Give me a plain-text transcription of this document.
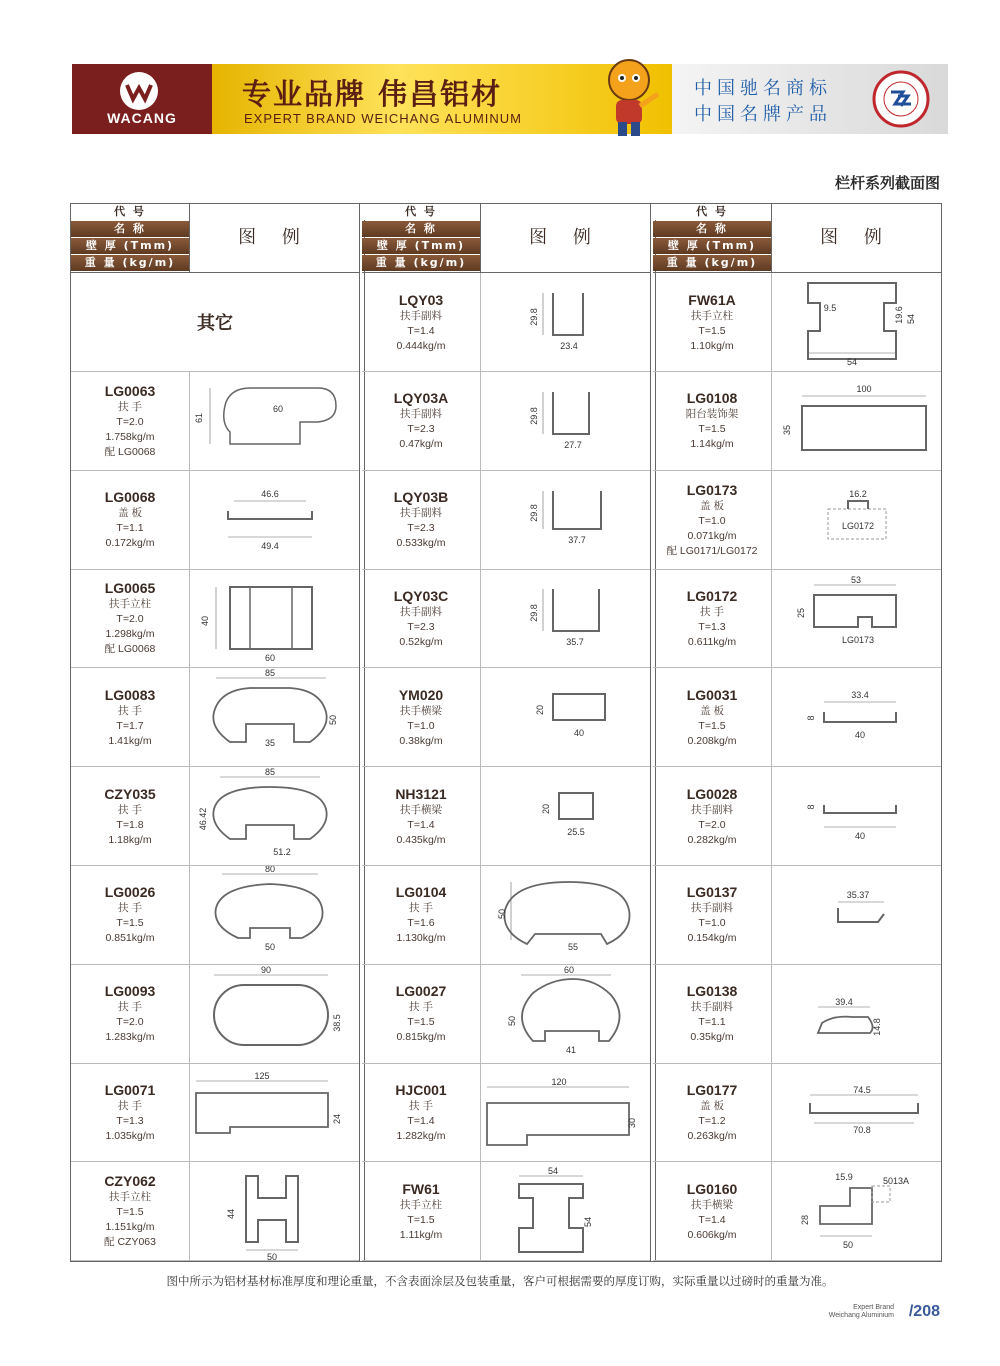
WACANG
专业品牌 伟昌铝材
EXPERT BRAND WEICHANG ALUMINUM
中国驰名商标
中国名牌产品
栏杆系列截面图
代 号
名 称
壁 厚 (Tmm)
重 量 (kg/m)
图 例
其它
LG0063
扶 手
T=2.0
1.758kg/m
配 LG0068
61
60
LG0068
盖 板
T=1.1
0.172kg/m
46.6
49.4
LG0065
扶手立柱
T=2.0
1.298kg/m
配 LG0068
40
60
LG0083
扶 手
T=1.7
1.41kg/m
85
50
35
CZY035
扶 手
T=1.8
1.18kg/m
85
46.42
51.2
LG0026
扶 手
T=1.5
0.851kg/m
80
50
LG0093
扶 手
T=2.0
1.283kg/m
90
38.5
LG0071
扶 手
T=1.3
1.035kg/m
125
24
CZY062
扶手立柱
T=1.5
1.151kg/m
配 CZY063
44
50
代 号
名 称
壁 厚 (Tmm)
重 量 (kg/m)
图 例
LQY03
扶手副料
T=1.4
0.444kg/m
29.8
23.4
LQY03A
扶手副料
T=2.3
0.47kg/m
29.8
27.7
LQY03B
扶手副料
T=2.3
0.533kg/m
29.8
37.7
LQY03C
扶手副料
T=2.3
0.52kg/m
29.8
35.7
YM020
扶手横梁
T=1.0
0.38kg/m
20
40
NH3121
扶手横梁
T=1.4
0.435kg/m
20
25.5
LG0104
扶 手
T=1.6
1.130kg/m
50
55
LG0027
扶 手
T=1.5
0.815kg/m
60
50
41
HJC001
扶 手
T=1.4
1.282kg/m
120
30
FW61
扶手立柱
T=1.5
1.11kg/m
54
54
代 号
名 称
壁 厚 (Tmm)
重 量 (kg/m)
图 例
FW61A
扶手立柱
T=1.5
1.10kg/m
9.5	19.6 54
54
LG0108
阳台装饰架
T=1.5
1.14kg/m
100
35
LG0173
盖 板
T=1.0
0.071kg/m
配 LG0171/LG0172
16.2
LG0172
LG0172
扶 手
T=1.3
0.611kg/m
53
25
LG0173
LG0031
盖 板
T=1.5
0.208kg/m
33.4
8
40
LG0028
扶手副料
T=2.0
0.282kg/m
8
40
LG0137
扶手副料
T=1.0
0.154kg/m
35.37
LG0138
扶手副料
T=1.1
0.35kg/m
39.4
14.8
LG0177
盖 板
T=1.2
0.263kg/m
74.5
70.8
LG0160
扶手横梁
T=1.4
0.606kg/m
15.9	5013A
28
50
图中所示为铝材基材标准厚度和理论重量，不含表面涂层及包装重量，客户可根据需要的厚度订购，实际重量以过磅时的重量为准。
Expert Brand
Weichang Aluminium /208
